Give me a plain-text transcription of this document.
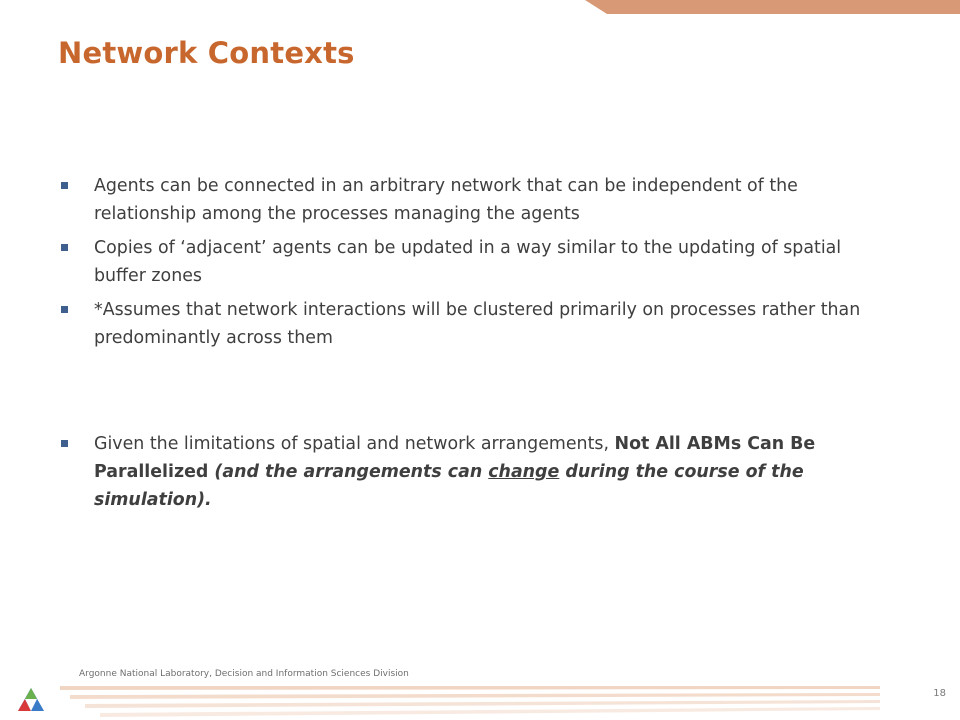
Network Contexts
Agents can be connected in an arbitrary network that can be independent of the relationship among the processes managing the agents
Copies of ‘adjacent’ agents can be updated in a way similar to the updating of spatial buffer zones
*Assumes that network interactions will be clustered primarily on processes rather than predominantly across them
Given the limitations of spatial and network arrangements, Not All ABMs Can Be Parallelized (and the arrangements can change during the course of the simulation).
Argonne National Laboratory, Decision and Information Sciences Division
18
